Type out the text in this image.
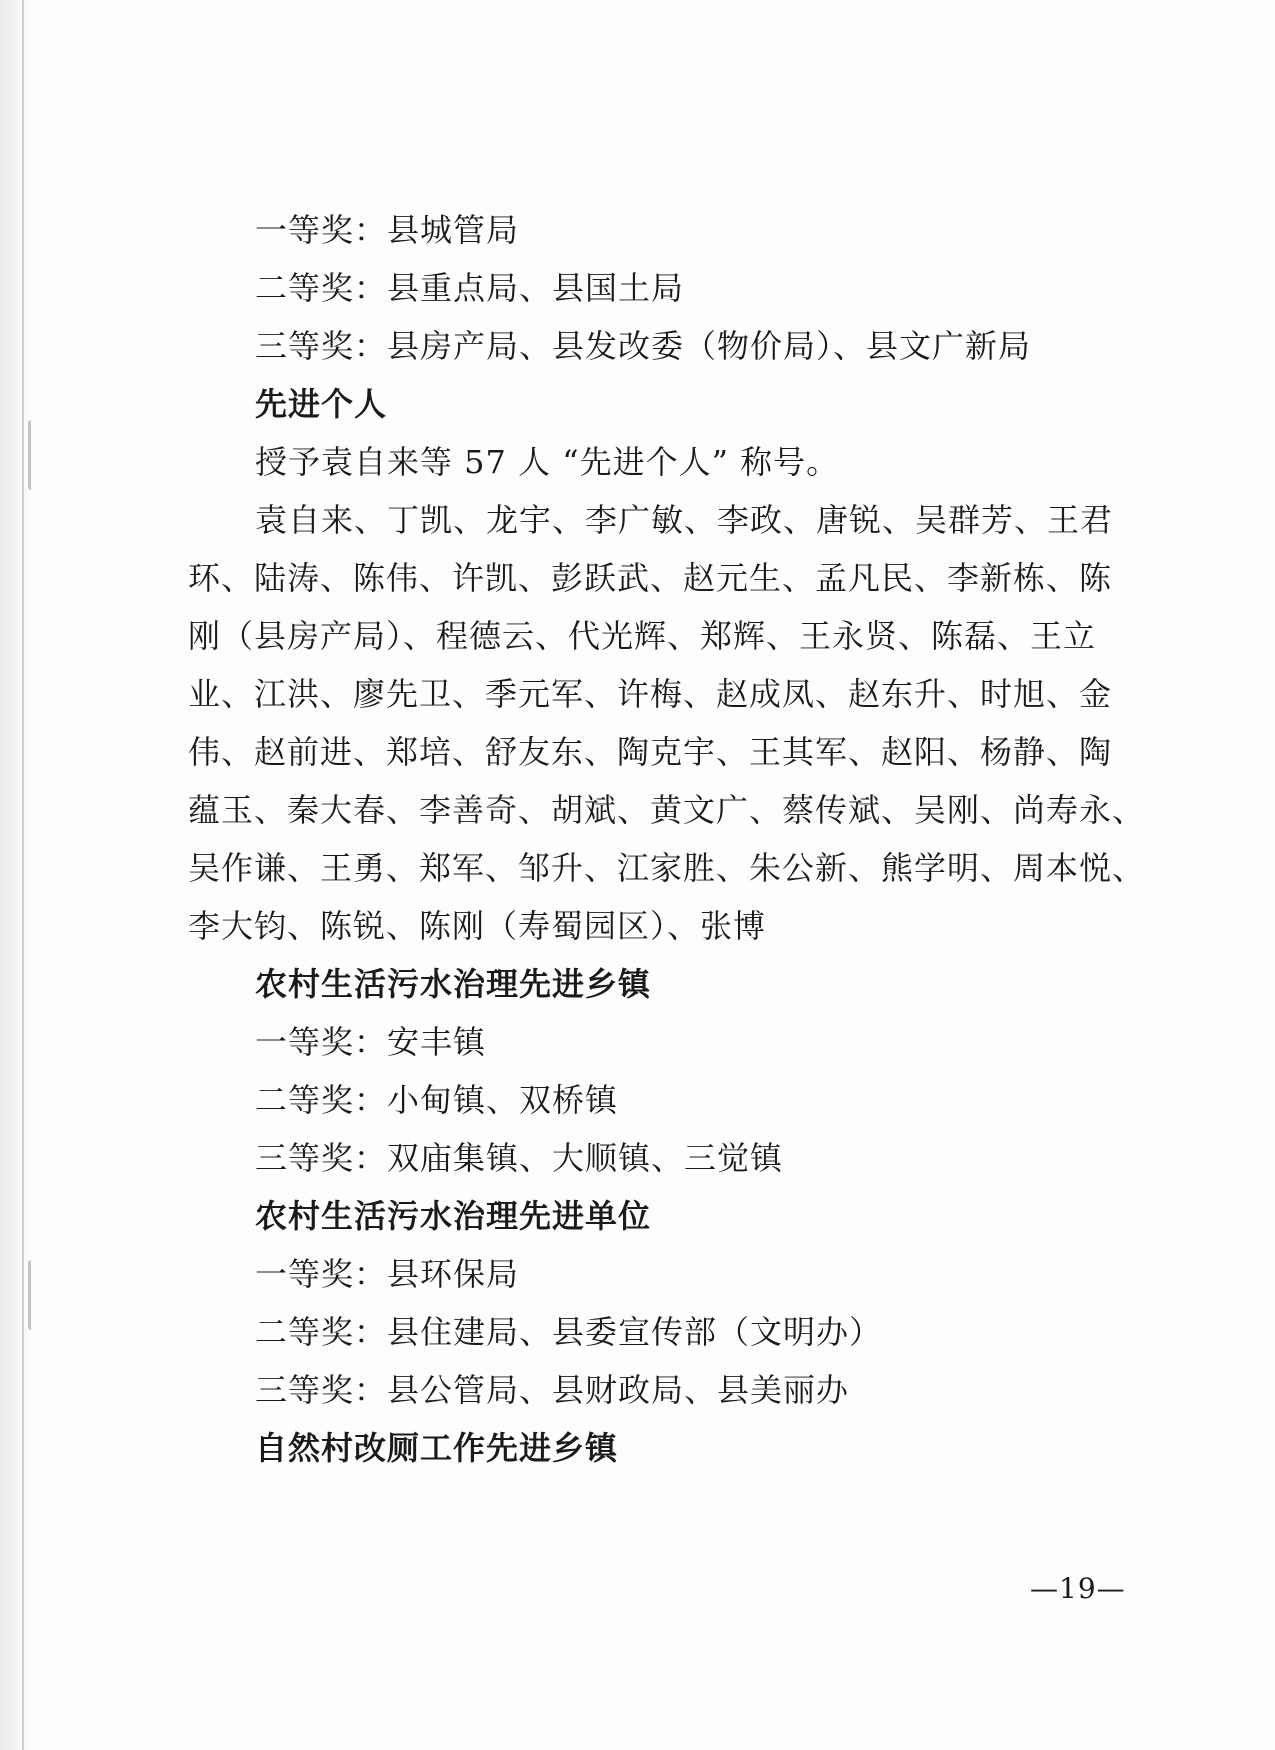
一等奖：县城管局
二等奖：县重点局、县国土局
三等奖：县房产局、县发改委（物价局）、县文广新局
先进个人
授予袁自来等 57 人 “先进个人” 称号。
袁自来、丁凯、龙宇、李广敏、李政、唐锐、吴群芳、王君
环、陆涛、陈伟、许凯、彭跃武、赵元生、孟凡民、李新栋、陈
刚（县房产局）、程德云、代光辉、郑辉、王永贤、陈磊、王立
业、江洪、廖先卫、季元军、许梅、赵成凤、赵东升、时旭、金
伟、赵前进、郑培、舒友东、陶克宇、王其军、赵阳、杨静、陶
蕴玉、秦大春、李善奇、胡斌、黄文广、蔡传斌、吴刚、尚寿永、
吴作谦、王勇、郑军、邹升、江家胜、朱公新、熊学明、周本悦、
李大钧、陈锐、陈刚（寿蜀园区）、张博
农村生活污水治理先进乡镇
一等奖：安丰镇
二等奖：小甸镇、双桥镇
三等奖：双庙集镇、大顺镇、三觉镇
农村生活污水治理先进单位
一等奖：县环保局
二等奖：县住建局、县委宣传部（文明办）
三等奖：县公管局、县财政局、县美丽办
自然村改厕工作先进乡镇
—19—
